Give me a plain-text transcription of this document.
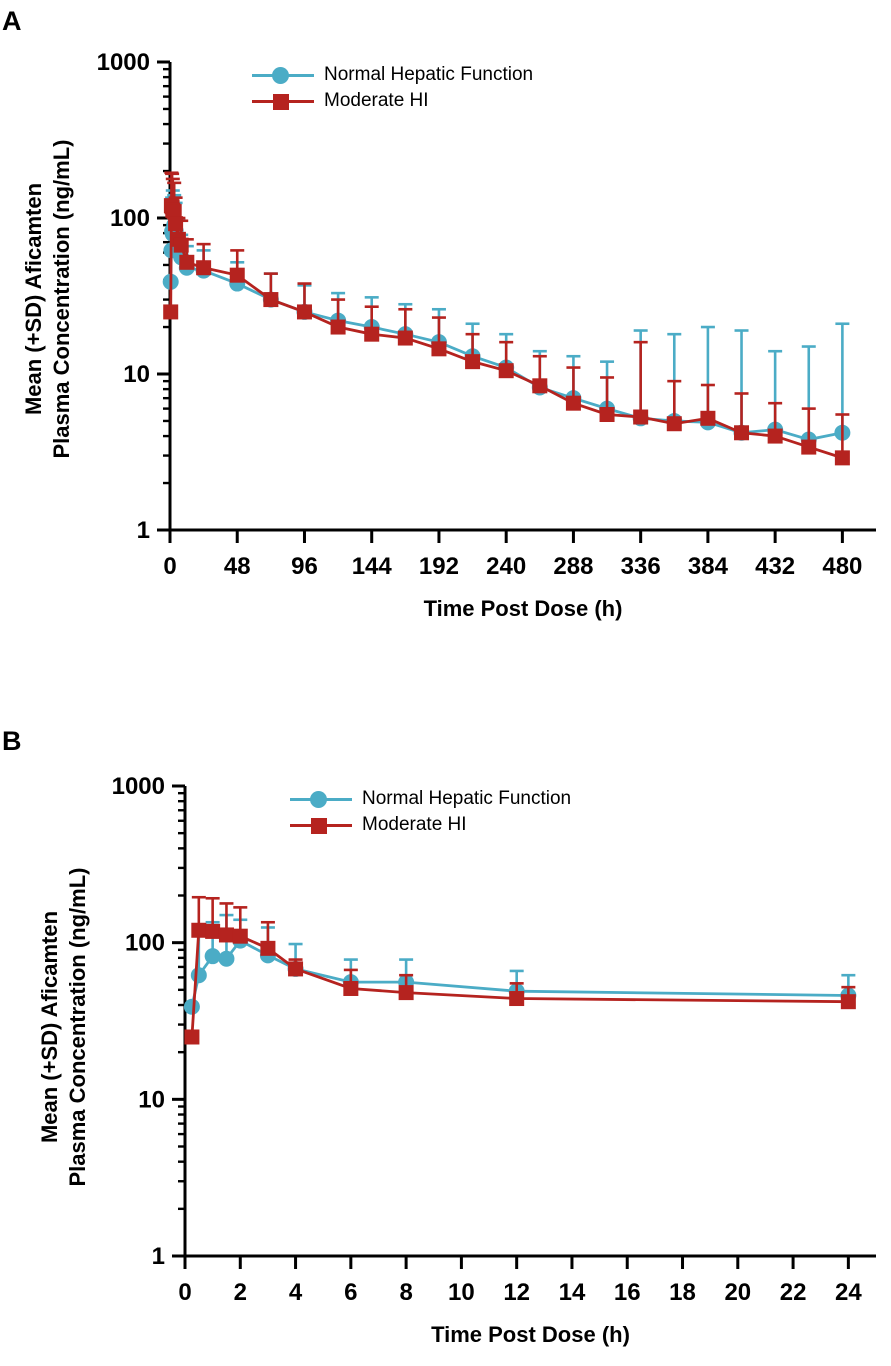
A
1000
100
10
1
0 48 96 144 192 240 288 336 384 432 480
Mean (+SD) Aficamten Plasma Concentration (ng/mL)
Time Post Dose (h)
Normal Hepatic Function
Moderate HI
B
1000
100
10
1
0 2 4 6 8 10 12 14 16 18 20 22 24
Mean (+SD) Aficamten Plasma Concentration (ng/mL)
Time Post Dose (h)
Normal Hepatic Function
Moderate HI
